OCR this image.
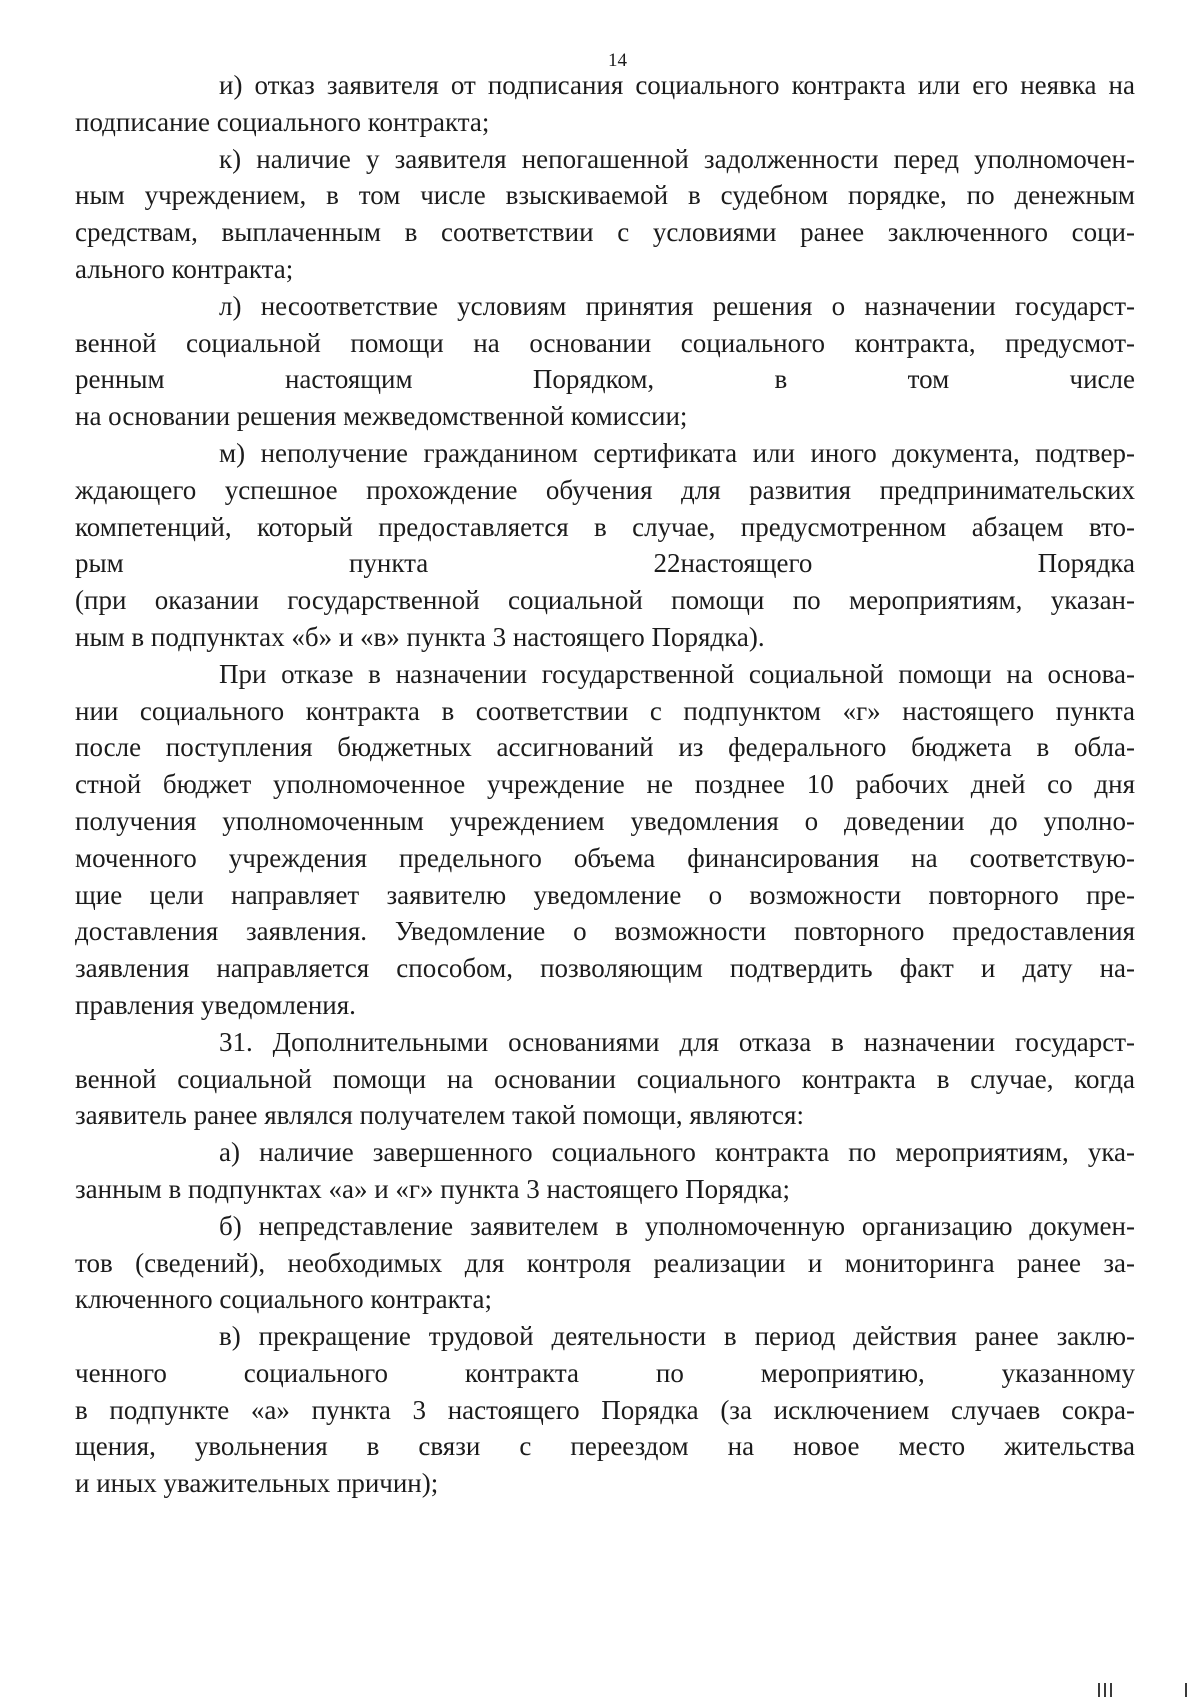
14

и) отказ заявителя от подписания социального контракта или его неявка на
подписание социального контракта;

к) наличие у заявителя непогашенной задолженности перед уполномочен-
ным учреждением, в том числе взыскиваемой в судебном порядке, по денежным
средствам, выплаченным в соответствии с условиями ранее заключенного соци-
ального контракта;

л) несоответствие условиям принятия решения о назначении государст-
венной социальной помощи на основании социального контракта, предусмот-
ренным настоящим Порядком, в том числе
на основании решения межведомственной комиссии;

м) неполучение гражданином сертификата или иного документа, подтвер-
ждающего успешное прохождение обучения для развития предпринимательских
компетенций, который предоставляется в случае, предусмотренном абзацем вто-
рым пункта 22настоящего Порядка
(при оказании государственной социальной помощи по мероприятиям, указан-
ным в подпунктах «б» и «в» пункта 3 настоящего Порядка).

При отказе в назначении государственной социальной помощи на основа-
нии социального контракта в соответствии с подпунктом «г» настоящего пункта
после поступления бюджетных ассигнований из федерального бюджета в обла-
стной бюджет уполномоченное учреждение не позднее 10 рабочих дней со дня
получения уполномоченным учреждением уведомления о доведении до уполно-
моченного учреждения предельного объема финансирования на соответствую-
щие цели направляет заявителю уведомление о возможности повторного пре-
доставления заявления. Уведомление о возможности повторного предоставления
заявления направляется способом, позволяющим подтвердить факт и дату на-
правления уведомления.

31. Дополнительными основаниями для отказа в назначении государст-
венной социальной помощи на основании социального контракта в случае, когда
заявитель ранее являлся получателем такой помощи, являются:

а) наличие завершенного социального контракта по мероприятиям, ука-
занным в подпунктах «а» и «г» пункта 3 настоящего Порядка;

б) непредставление заявителем в уполномоченную организацию докумен-
тов (сведений), необходимых для контроля реализации и мониторинга ранее за-
ключенного социального контракта;

в) прекращение трудовой деятельности в период действия ранее заклю-
ченного социального контракта по мероприятию, указанному
в подпункте «а» пункта 3 настоящего Порядка (за исключением случаев сокра-
щения, увольнения в связи с переездом на новое место жительства
и иных уважительных причин);
